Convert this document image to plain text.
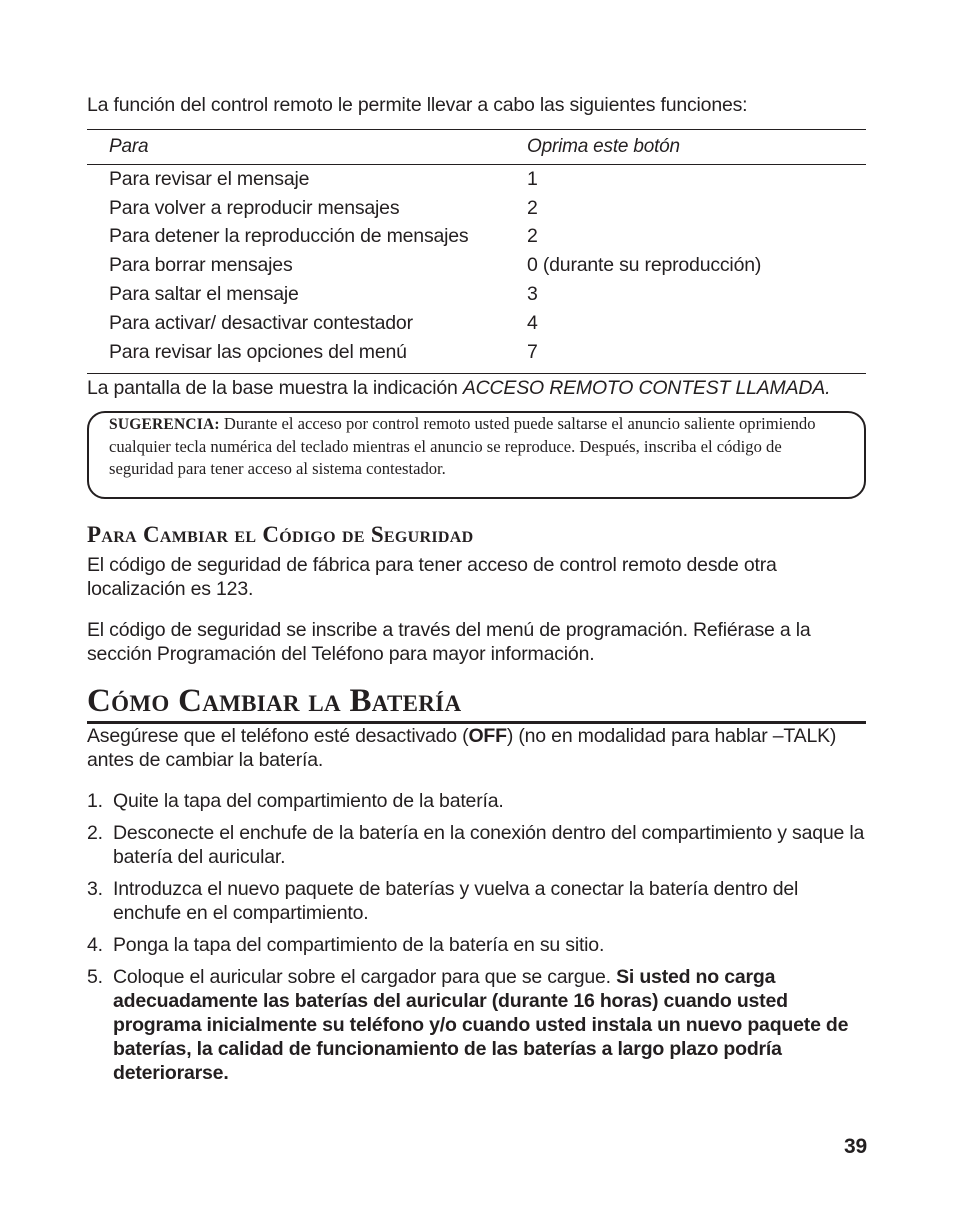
La función del control remoto le permite llevar a cabo las siguientes funciones:
Para	Oprima este botón
Para revisar el mensaje	1
Para volver a reproducir mensajes	2
Para detener la reproducción de mensajes	2
Para borrar mensajes	0 (durante su reproducción)
Para saltar el mensaje	3
Para activar/ desactivar contestador	4
Para revisar las opciones del menú	7
La pantalla de la base muestra la indicación ACCESO REMOTO CONTEST LLAMADA.
SUGERENCIA: Durante el acceso por control remoto usted puede saltarse el anuncio saliente oprimiendo cualquier tecla numérica del teclado mientras el anuncio se reproduce. Después, inscriba el código de seguridad para tener acceso al sistema contestador.
Para Cambiar el Código de Seguridad
El código de seguridad de fábrica para tener acceso de control remoto desde otra localización es 123.
El código de seguridad se inscribe a través del menú de programación. Refiérase a la sección Programación del Teléfono para mayor información.
Cómo Cambiar la Batería
Asegúrese que el teléfono esté desactivado (OFF) (no en modalidad para hablar –TALK) antes de cambiar la batería.
1. Quite la tapa del compartimiento de la batería.
2. Desconecte el enchufe de la batería en la conexión dentro del compartimiento y saque la batería del auricular.
3. Introduzca el nuevo paquete de baterías y vuelva a conectar la batería dentro del enchufe en el compartimiento.
4. Ponga la tapa del compartimiento de la batería en su sitio.
5. Coloque el auricular sobre el cargador para que se cargue. Si usted no carga adecuadamente las baterías del auricular (durante 16 horas) cuando usted programa inicialmente su teléfono y/o cuando usted instala un nuevo paquete de baterías, la calidad de funcionamiento de las baterías a largo plazo podría deteriorarse.
39
